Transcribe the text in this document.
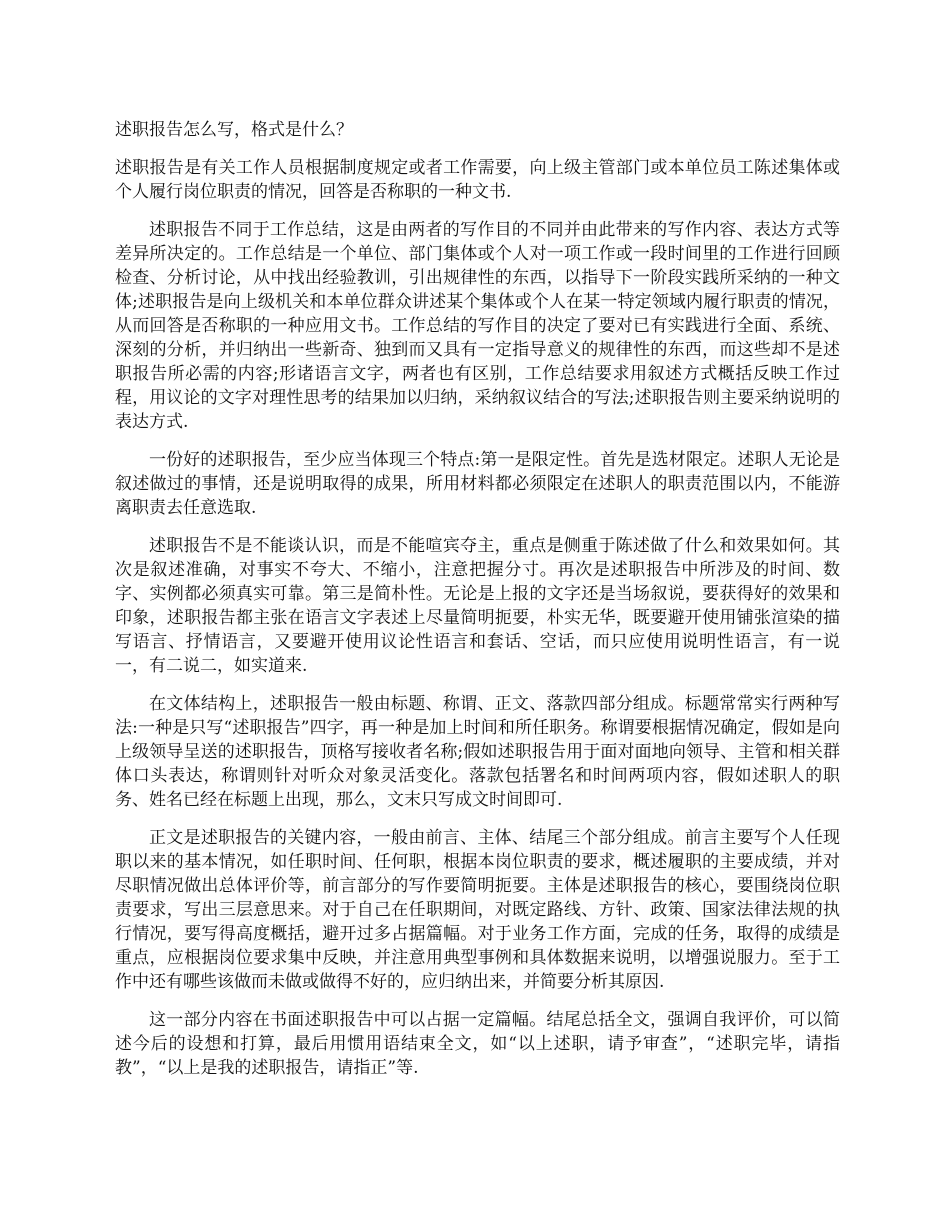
述职报告怎么写，格式是什么？

述职报告是有关工作人员根据制度规定或者工作需要，向上级主管部门或本单位员工陈述集体或个人履行岗位职责的情况，回答是否称职的一种文书.

述职报告不同于工作总结，这是由两者的写作目的不同并由此带来的写作内容、表达方式等差异所决定的。工作总结是一个单位、部门集体或个人对一项工作或一段时间里的工作进行回顾检查、分析讨论，从中找出经验教训，引出规律性的东西，以指导下一阶段实践所采纳的一种文体;述职报告是向上级机关和本单位群众讲述某个集体或个人在某一特定领域内履行职责的情况，从而回答是否称职的一种应用文书。工作总结的写作目的决定了要对已有实践进行全面、系统、深刻的分析，并归纳出一些新奇、独到而又具有一定指导意义的规律性的东西，而这些却不是述职报告所必需的内容;形诸语言文字，两者也有区别，工作总结要求用叙述方式概括反映工作过程，用议论的文字对理性思考的结果加以归纳，采纳叙议结合的写法;述职报告则主要采纳说明的表达方式.

一份好的述职报告，至少应当体现三个特点:第一是限定性。首先是选材限定。述职人无论是叙述做过的事情，还是说明取得的成果，所用材料都必须限定在述职人的职责范围以内，不能游离职责去任意选取.

述职报告不是不能谈认识，而是不能喧宾夺主，重点是侧重于陈述做了什么和效果如何。其次是叙述准确，对事实不夸大、不缩小，注意把握分寸。再次是述职报告中所涉及的时间、数字、实例都必须真实可靠。第三是简朴性。无论是上报的文字还是当场叙说，要获得好的效果和印象，述职报告都主张在语言文字表述上尽量简明扼要，朴实无华，既要避开使用铺张渲染的描写语言、抒情语言，又要避开使用议论性语言和套话、空话，而只应使用说明性语言，有一说一，有二说二，如实道来.

在文体结构上，述职报告一般由标题、称谓、正文、落款四部分组成。标题常常实行两种写法:一种是只写“述职报告”四字，再一种是加上时间和所任职务。称谓要根据情况确定，假如是向上级领导呈送的述职报告，顶格写接收者名称;假如述职报告用于面对面地向领导、主管和相关群体口头表达，称谓则针对听众对象灵活变化。落款包括署名和时间两项内容，假如述职人的职务、姓名已经在标题上出现，那么，文末只写成文时间即可.

正文是述职报告的关键内容，一般由前言、主体、结尾三个部分组成。前言主要写个人任现职以来的基本情况，如任职时间、任何职，根据本岗位职责的要求，概述履职的主要成绩，并对尽职情况做出总体评价等，前言部分的写作要简明扼要。主体是述职报告的核心，要围绕岗位职责要求，写出三层意思来。对于自己在任职期间，对既定路线、方针、政策、国家法律法规的执行情况，要写得高度概括，避开过多占据篇幅。对于业务工作方面，完成的任务，取得的成绩是重点，应根据岗位要求集中反映，并注意用典型事例和具体数据来说明，以增强说服力。至于工作中还有哪些该做而未做或做得不好的，应归纳出来，并简要分析其原因.

这一部分内容在书面述职报告中可以占据一定篇幅。结尾总括全文，强调自我评价，可以简述今后的设想和打算，最后用惯用语结束全文，如“以上述职，请予审查”，“述职完毕，请指教”，“以上是我的述职报告，请指正”等.
